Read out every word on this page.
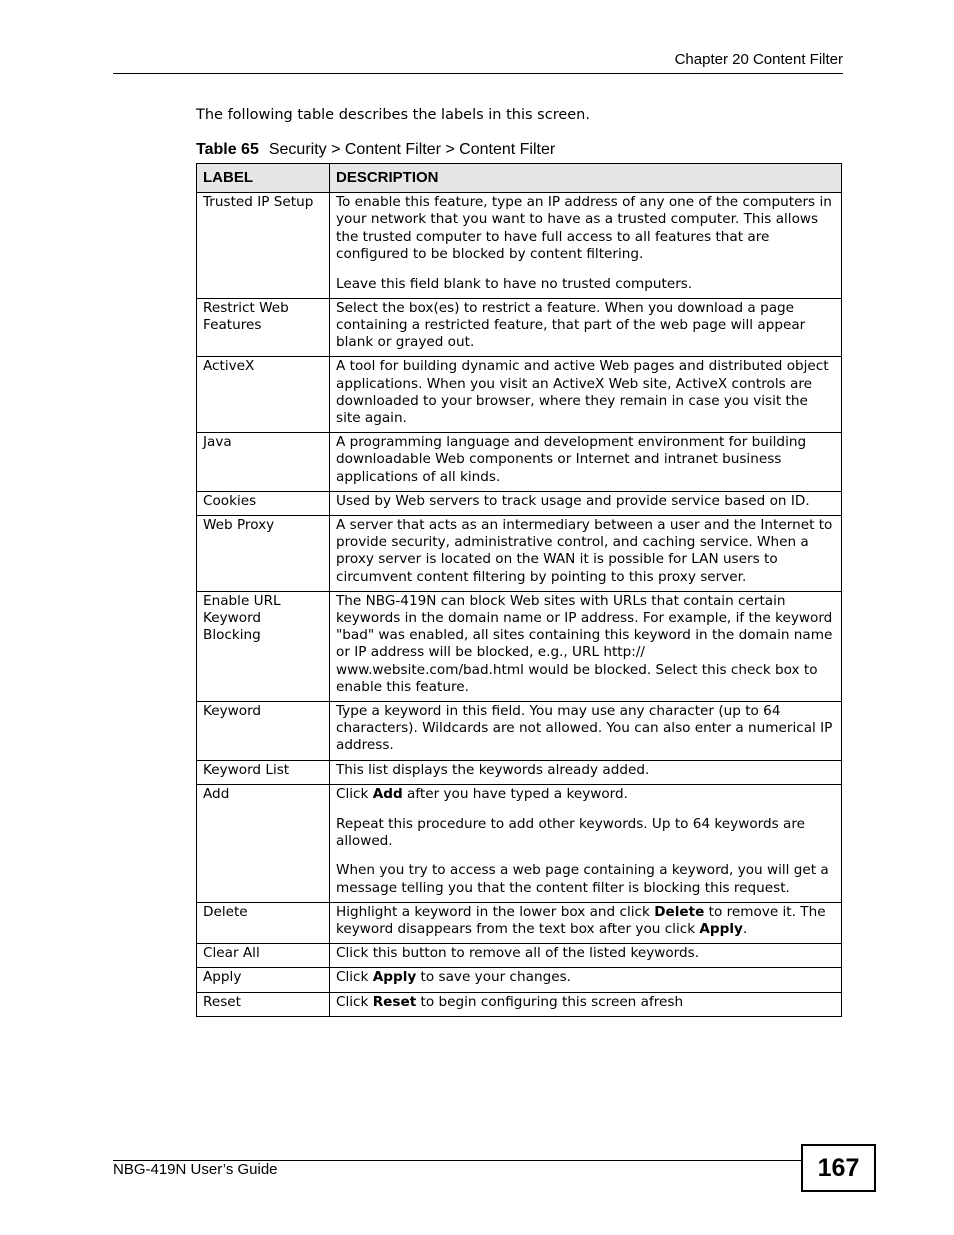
Chapter 20 Content Filter
The following table describes the labels in this screen.
Table 65 Security > Content Filter > Content Filter
LABEL	DESCRIPTION
Trusted IP Setup	To enable this feature, type an IP address of any one of the computers in your network that you want to have as a trusted computer. This allows the trusted computer to have full access to all features that are configured to be blocked by content filtering.

Leave this field blank to have no trusted computers.

Restrict Web Features	Select the box(es) to restrict a feature. When you download a page containing a restricted feature, that part of the web page will appear blank or grayed out.

ActiveX	A tool for building dynamic and active Web pages and distributed object applications. When you visit an ActiveX Web site, ActiveX controls are downloaded to your browser, where they remain in case you visit the site again.

Java	A programming language and development environment for building downloadable Web components or Internet and intranet business applications of all kinds.

Cookies	Used by Web servers to track usage and provide service based on ID.

Web Proxy	A server that acts as an intermediary between a user and the Internet to provide security, administrative control, and caching service. When a proxy server is located on the WAN it is possible for LAN users to circumvent content filtering by pointing to this proxy server.

Enable URL Keyword Blocking	The NBG-419N can block Web sites with URLs that contain certain keywords in the domain name or IP address. For example, if the keyword "bad" was enabled, all sites containing this keyword in the domain name or IP address will be blocked, e.g., URL http:// www.website.com/bad.html would be blocked. Select this check box to enable this feature.

Keyword	Type a keyword in this field. You may use any character (up to 64 characters). Wildcards are not allowed. You can also enter a numerical IP address.

Keyword List	This list displays the keywords already added.

Add	Click Add after you have typed a keyword.

Repeat this procedure to add other keywords. Up to 64 keywords are allowed.

When you try to access a web page containing a keyword, you will get a message telling you that the content filter is blocking this request.

Delete	Highlight a keyword in the lower box and click Delete to remove it. The keyword disappears from the text box after you click Apply.

Clear All	Click this button to remove all of the listed keywords.

Apply	Click Apply to save your changes.

Reset	Click Reset to begin configuring this screen afresh

NBG-419N User’s Guide	167
